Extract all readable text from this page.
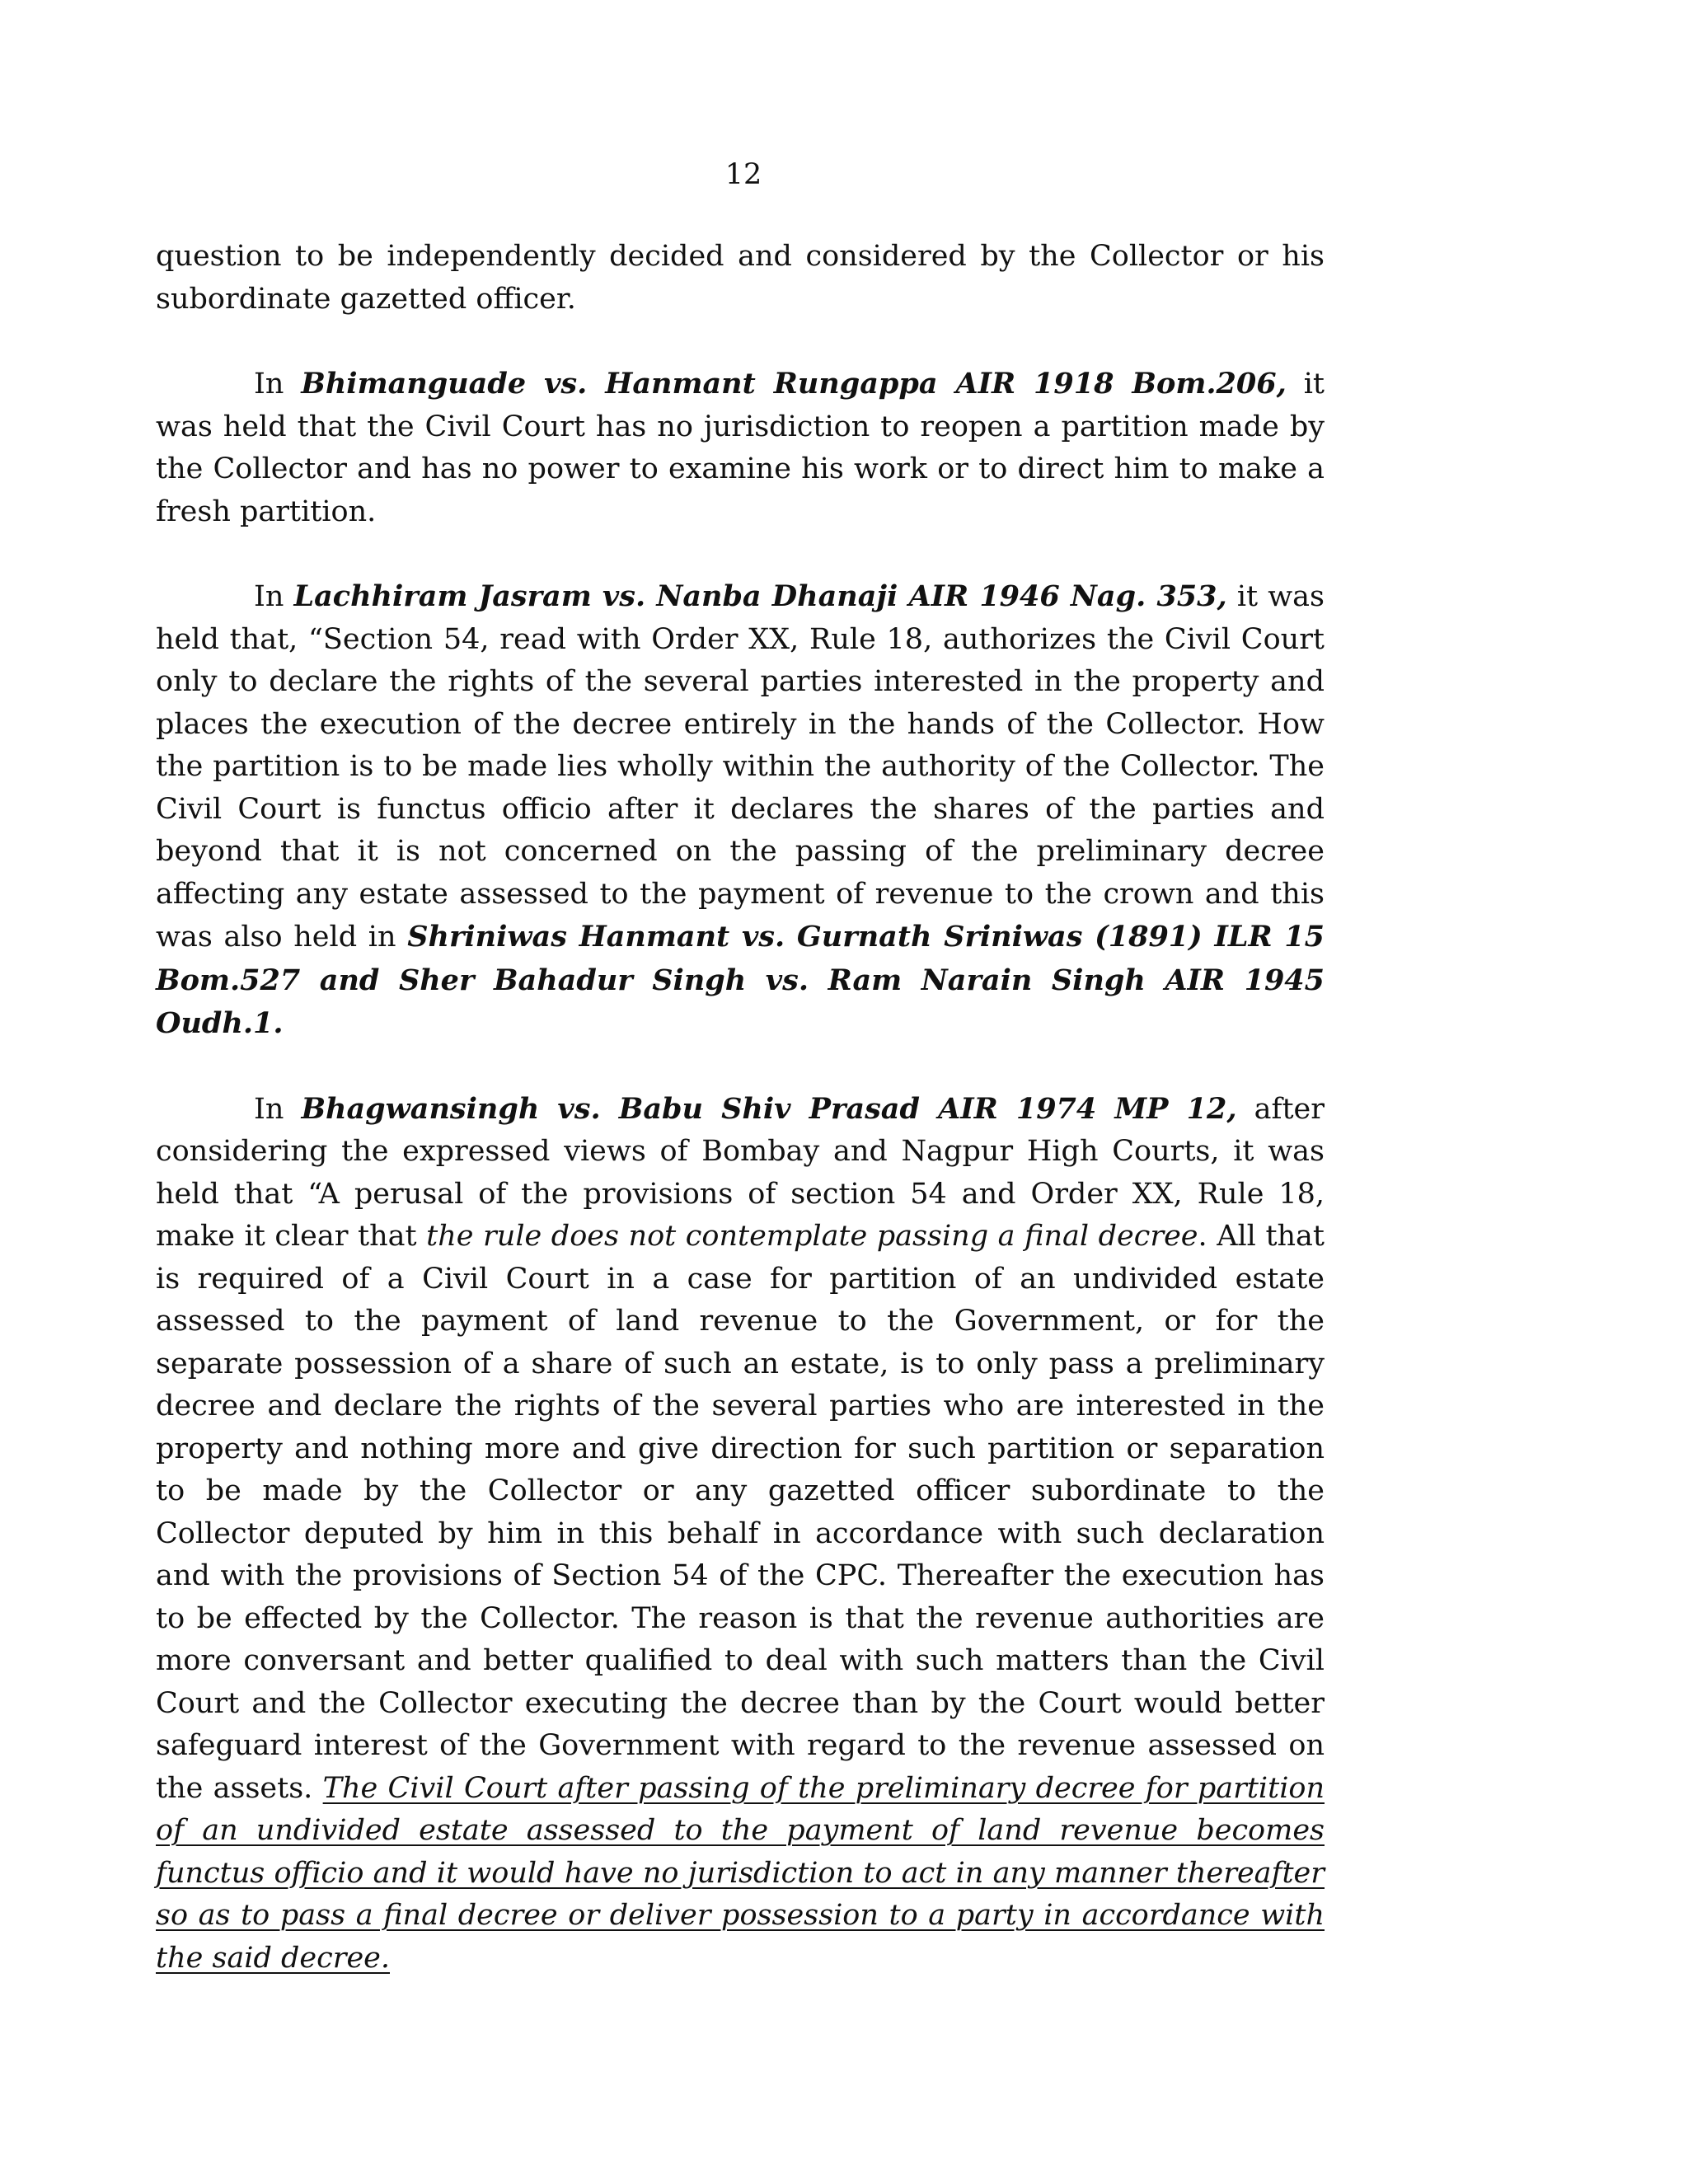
12

question to be independently decided and considered by the Collector or his subordinate gazetted officer.

In Bhimanguade vs. Hanmant Rungappa AIR 1918 Bom.206, it was held that the Civil Court has no jurisdiction to reopen a partition made by the Collector and has no power to examine his work or to direct him to make a fresh partition.

In Lachhiram Jasram vs. Nanba Dhanaji AIR 1946 Nag. 353, it was held that, “Section 54, read with Order XX, Rule 18, authorizes the Civil Court only to declare the rights of the several parties interested in the property and places the execution of the decree entirely in the hands of the Collector. How the partition is to be made lies wholly within the authority of the Collector. The Civil Court is functus officio after it declares the shares of the parties and beyond that it is not concerned on the passing of the preliminary decree affecting any estate assessed to the payment of revenue to the crown and this was also held in Shriniwas Hanmant vs. Gurnath Sriniwas (1891) ILR 15 Bom.527 and Sher Bahadur Singh vs. Ram Narain Singh AIR 1945 Oudh.1.

In Bhagwansingh vs. Babu Shiv Prasad AIR 1974 MP 12, after considering the expressed views of Bombay and Nagpur High Courts, it was held that “A perusal of the provisions of section 54 and Order XX, Rule 18, make it clear that the rule does not contemplate passing a final decree. All that is required of a Civil Court in a case for partition of an undivided estate assessed to the payment of land revenue to the Government, or for the separate possession of a share of such an estate, is to only pass a preliminary decree and declare the rights of the several parties who are interested in the property and nothing more and give direction for such partition or separation to be made by the Collector or any gazetted officer subordinate to the Collector deputed by him in this behalf in accordance with such declaration and with the provisions of Section 54 of the CPC. Thereafter the execution has to be effected by the Collector. The reason is that the revenue authorities are more conversant and better qualified to deal with such matters than the Civil Court and the Collector executing the decree than by the Court would better safeguard interest of the Government with regard to the revenue assessed on the assets. The Civil Court after passing of the preliminary decree for partition of an undivided estate assessed to the payment of land revenue becomes functus officio and it would have no jurisdiction to act in any manner thereafter so as to pass a final decree or deliver possession to a party in accordance with the said decree.
